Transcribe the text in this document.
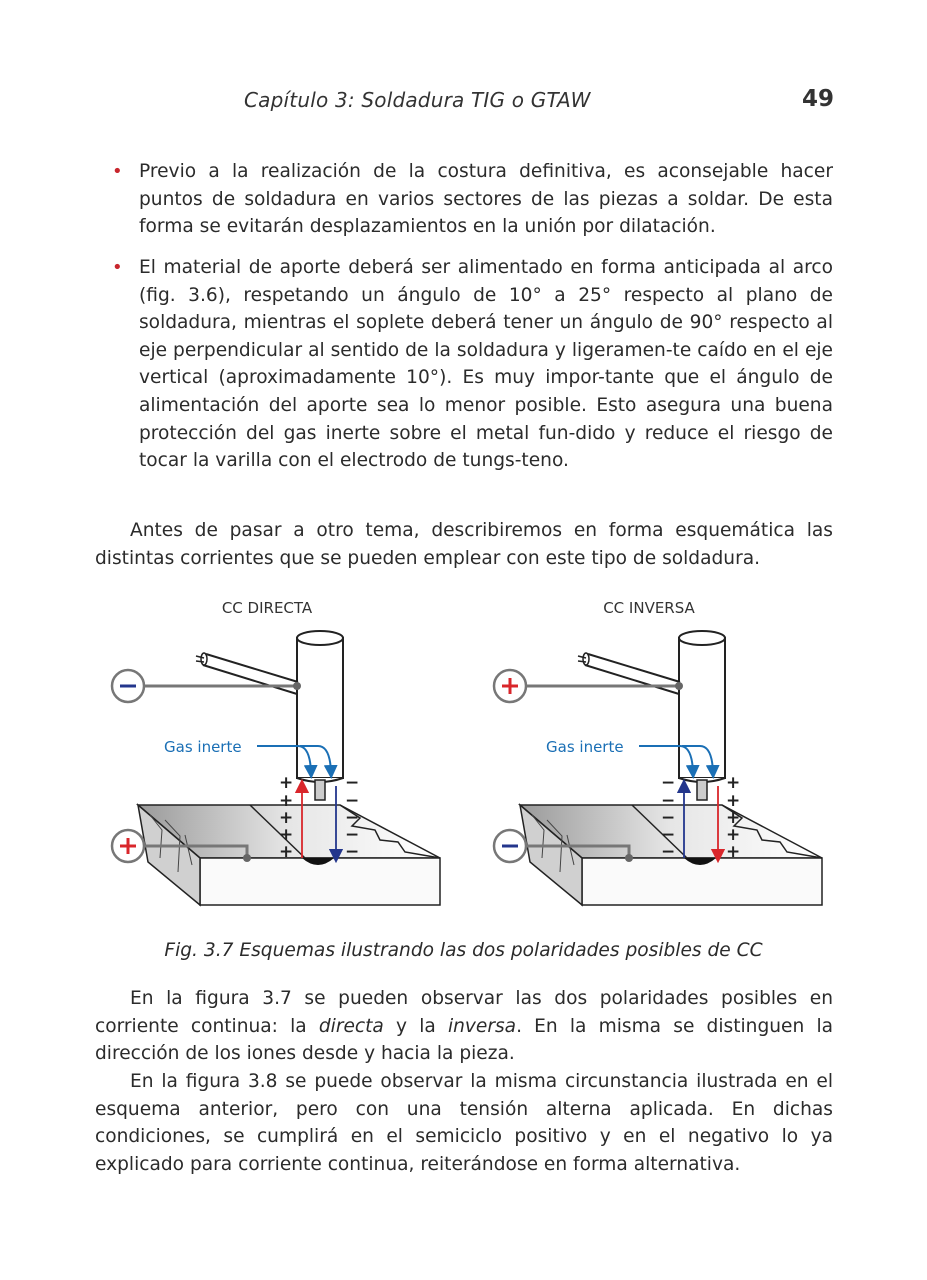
Capítulo 3: Soldadura TIG o GTAW	49
• Previo a la realización de la costura definitiva, es aconsejable hacer puntos de soldadura en varios sectores de las piezas a soldar. De esta forma se evitarán desplazamientos en la unión por dilatación.
• El material de aporte deberá ser alimentado en forma anticipada al arco (fig. 3.6), respetando un ángulo de 10° a 25° respecto al plano de soldadura, mientras el soplete deberá tener un ángulo de 90° respecto al eje perpendicular al sentido de la soldadura y ligeramen-te caído en el eje vertical (aproximadamente 10°). Es muy impor-tante que el ángulo de alimentación del aporte sea lo menor posible. Esto asegura una buena protección del gas inerte sobre el metal fun-dido y reduce el riesgo de tocar la varilla con el electrodo de tungs-teno.
Antes de pasar a otro tema, describiremos en forma esquemática las distintas corrientes que se pueden emplear con este tipo de soldadura.
CC DIRECTA
Gas inerte
+
+
+
+
+
−
−
−
−
−
CC INVERSA
Gas inerte
−
−
−
−
−
+
+
+
+
+
Fig. 3.7 Esquemas ilustrando las dos polaridades posibles de CC
En la figura 3.7 se pueden observar las dos polaridades posibles en corriente continua: la directa y la inversa. En la misma se distinguen la dirección de los iones desde y hacia la pieza.
En la figura 3.8 se puede observar la misma circunstancia ilustrada en el esquema anterior, pero con una tensión alterna aplicada. En dichas condiciones, se cumplirá en el semiciclo positivo y en el negativo lo ya explicado para corriente continua, reiterándose en forma alternativa.
